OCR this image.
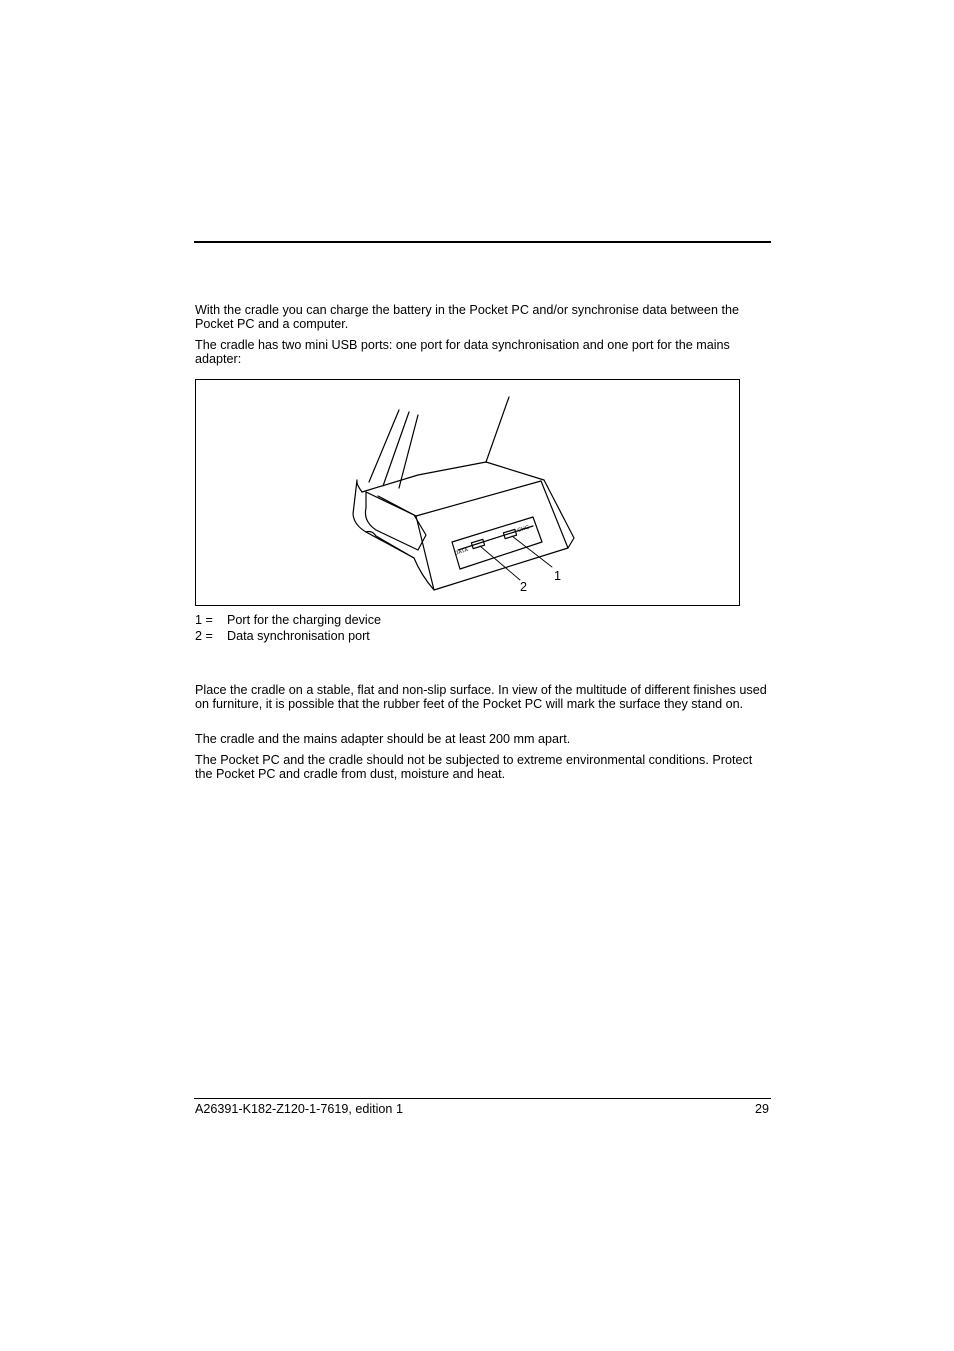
With the cradle you can charge the battery in the Pocket PC and/or synchronise data between the Pocket PC and a computer.

The cradle has two mini USB ports: one port for data synchronisation and one port for the mains adapter:

DATA
CHG
1
2
1 = Port for the charging device
2 = Data synchronisation port

Place the cradle on a stable, flat and non-slip surface. In view of the multitude of different finishes used on furniture, it is possible that the rubber feet of the Pocket PC will mark the surface they stand on.

The cradle and the mains adapter should be at least 200 mm apart.

The Pocket PC and the cradle should not be subjected to extreme environmental conditions. Protect the Pocket PC and cradle from dust, moisture and heat.

A26391-K182-Z120-1-7619, edition 1	29
